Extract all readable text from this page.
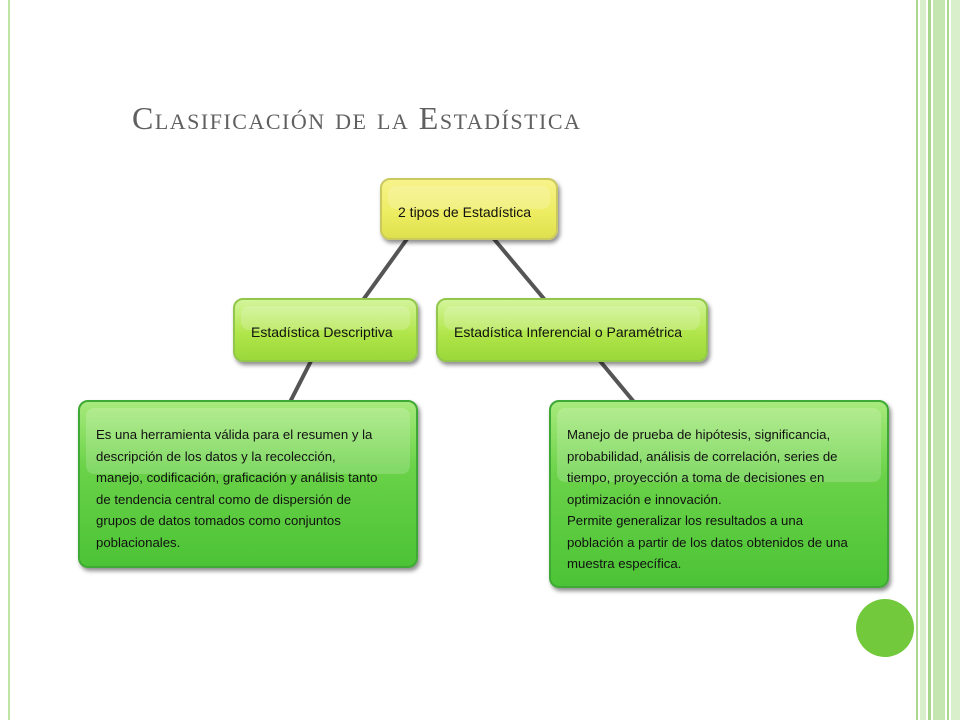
Clasificación de la Estadística
2 tipos de Estadística
Estadística Descriptiva	Estadística Inferencial o Paramétrica
Es una herramienta válida para el resumen y la
descripción de los datos y la recolección,
manejo, codificación, graficación y análisis tanto
de tendencia central como de dispersión de
grupos de datos tomados como conjuntos
poblacionales.
Manejo de prueba de hipótesis, significancia,
probabilidad, análisis de correlación, series de
tiempo, proyección a toma de decisiones en
optimización e innovación.
Permite generalizar los resultados a una
población a partir de los datos obtenidos de una
muestra específica.
